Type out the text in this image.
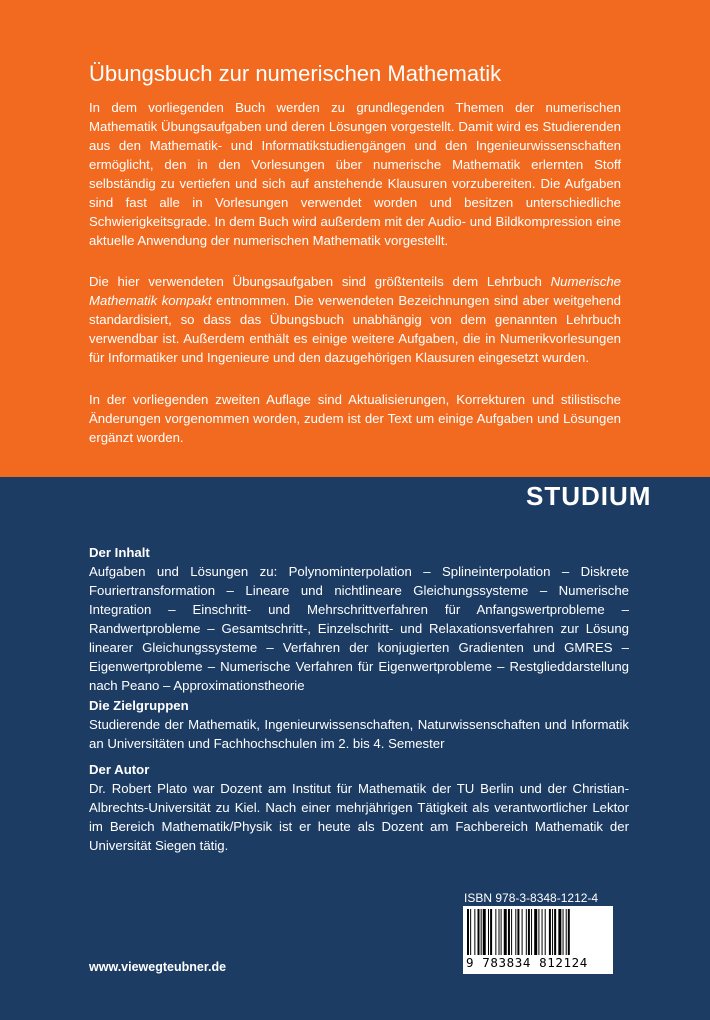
STUDIUM
Übungsbuch zur numerischen Mathematik
In dem vorliegenden Buch werden zu grundlegenden Themen der numerischen Mathematik Übungsaufgaben und deren Lösungen vorgestellt. Damit wird es Studierenden aus den Mathematik- und Informatikstudiengängen und den Ingenieurwissenschaften ermöglicht, den in den Vorlesungen über numerische Mathematik erlernten Stoff selbständig zu vertiefen und sich auf anstehende Klausuren vorzubereiten. Die Aufgaben sind fast alle in Vorlesungen verwendet worden und besitzen unterschiedliche Schwierigkeitsgrade. In dem Buch wird außerdem mit der Audio- und Bildkompression eine aktuelle Anwendung der numerischen Mathematik vorgestellt.
Die hier verwendeten Übungsaufgaben sind größtenteils dem Lehrbuch Numerische Mathematik kompakt entnommen. Die verwendeten Bezeichnungen sind aber weitgehend standardisiert, so dass das Übungsbuch unabhängig von dem genannten Lehrbuch verwendbar ist. Außerdem enthält es einige weitere Aufgaben, die in Numerikvorlesungen für Informatiker und Ingenieure und den dazugehörigen Klausuren eingesetzt wurden.
In der vorliegenden zweiten Auflage sind Aktualisierungen, Korrekturen und stilistische Änderungen vorgenommen worden, zudem ist der Text um einige Aufgaben und Lösungen ergänzt worden.
Der Inhalt
Aufgaben und Lösungen zu: Polynominterpolation – Splineinterpolation – Diskrete Fouriertransformation – Lineare und nichtlineare Gleichungssysteme – Numerische Integration – Einschritt- und Mehrschrittverfahren für Anfangswertprobleme – Randwertprobleme – Gesamtschritt-, Einzelschritt- und Relaxationsverfahren zur Lösung linearer Gleichungssysteme – Verfahren der konjugierten Gradienten und GMRES – Eigenwertprobleme – Numerische Verfahren für Eigenwertprobleme – Restglieddarstellung nach Peano – Approximationstheorie
Die Zielgruppen
Studierende der Mathematik, Ingenieurwissenschaften, Naturwissenschaften und Informatik an Universitäten und Fachhochschulen im 2. bis 4. Semester
Der Autor
Dr. Robert Plato war Dozent am Institut für Mathematik der TU Berlin und der Christian-Albrechts-Universität zu Kiel. Nach einer mehrjährigen Tätigkeit als verantwortlicher Lektor im Bereich Mathematik/Physik ist er heute als Dozent am Fachbereich Mathematik der Universität Siegen tätig.
ISBN 978-3-8348-1212-4
9 783834 812124
www.viewegteubner.de
